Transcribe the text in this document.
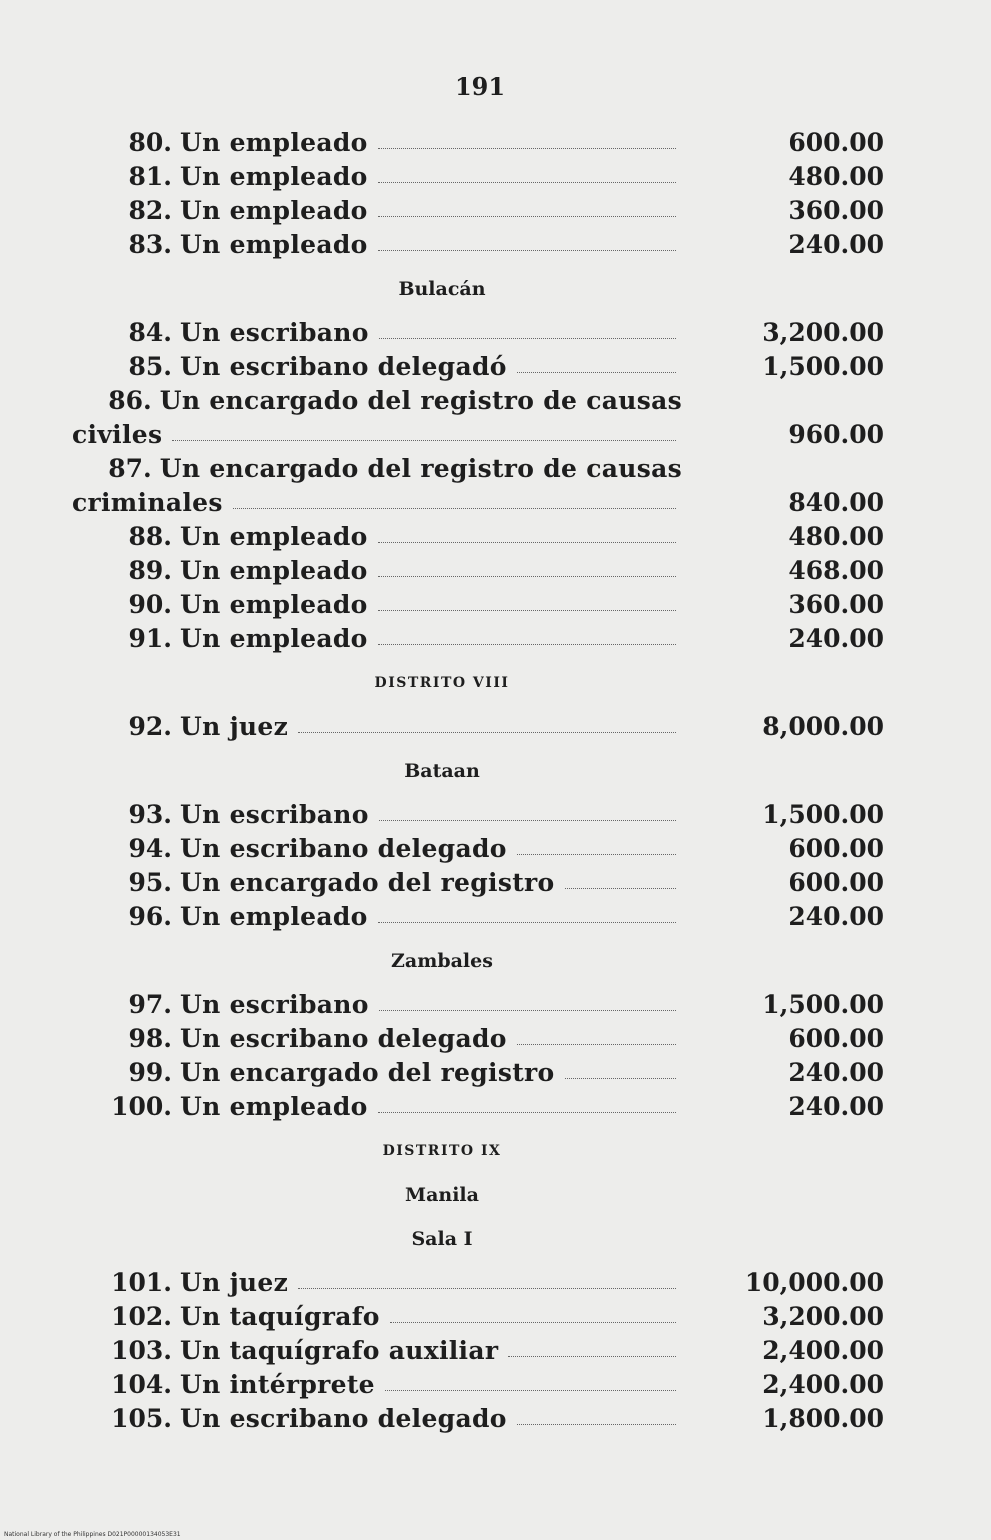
191
80. Un empleado	600.00
81. Un empleado	480.00
82. Un empleado	360.00
83. Un empleado	240.00
Bulacán
84. Un escribano	3,200.00
85. Un escribano delegadó	1,500.00
86. Un encargado del registro de causas
civiles	960.00
87. Un encargado del registro de causas
criminales	840.00
88. Un empleado	480.00
89. Un empleado	468.00
90. Un empleado	360.00
91. Un empleado	240.00
DISTRITO VIII
92. Un juez	8,000.00
Bataan
93. Un escribano	1,500.00
94. Un escribano delegado	600.00
95. Un encargado del registro	600.00
96. Un empleado	240.00
Zambales
97. Un escribano	1,500.00
98. Un escribano delegado	600.00
99. Un encargado del registro	240.00
100. Un empleado	240.00
DISTRITO IX
Manila
Sala I
101. Un juez	10,000.00
102. Un taquígrafo	3,200.00
103. Un taquígrafo auxiliar	2,400.00
104. Un intérprete	2,400.00
105. Un escribano delegado	1,800.00
National Library of the Philippines D021P00000134053E31
